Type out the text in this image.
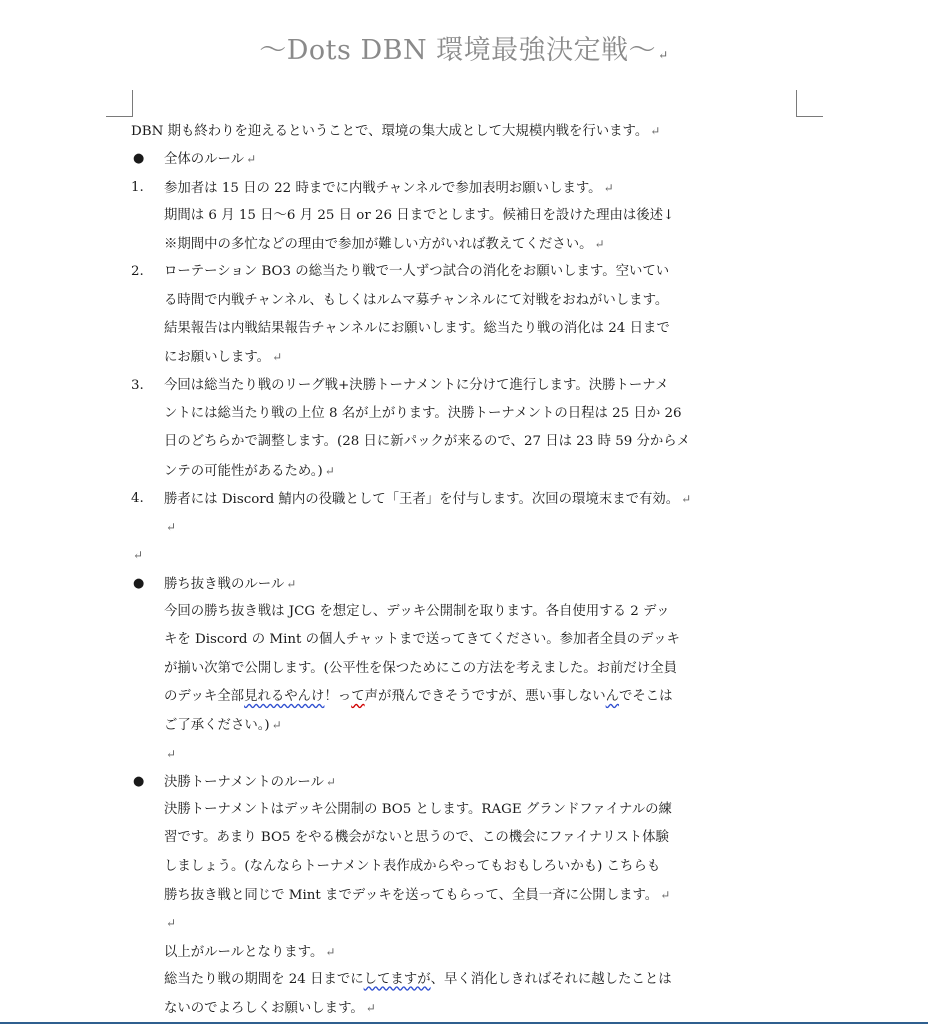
～Dots DBN 環境最強決定戦～ ↵
DBN 期も終わりを迎えるということで、環境の集大成として大規模内戦を行います。 ↵
●	全体のルール ↵
1.	参加者は 15 日の 22 時までに内戦チャンネルで参加表明お願いします。 ↵
期間は 6 月 15 日～6 月 25 日 or 26 日までとします。候補日を設けた理由は後述↓
※期間中の多忙などの理由で参加が難しい方がいれば教えてください。 ↵
2.	ローテーション BO3 の総当たり戦で一人ずつ試合の消化をお願いします。空いてい
る時間で内戦チャンネル、もしくはルムマ募チャンネルにて対戦をおねがいします。
結果報告は内戦結果報告チャンネルにお願いします。総当たり戦の消化は 24 日まで
にお願いします。 ↵
3.	今回は総当たり戦のリーグ戦+決勝トーナメントに分けて進行します。決勝トーナメ
ントには総当たり戦の上位 8 名が上がります。決勝トーナメントの日程は 25 日か 26
日のどちらかで調整します。(28 日に新パックが来るので、27 日は 23 時 59 分からメ
ンテの可能性があるため。) ↵
4.	勝者には Discord 鯖内の役職として「王者」を付与します。次回の環境末まで有効。 ↵
↵
↵
●	勝ち抜き戦のルール ↵
今回の勝ち抜き戦は JCG を想定し、デッキ公開制を取ります。各自使用する 2 デッ
キを Discord の Mint の個人チャットまで送ってきてください。参加者全員のデッキ
が揃い次第で公開します。(公平性を保つためにこの方法を考えました。お前だけ全員
のデッキ全部見れるやんけ！って声が飛んできそうですが、悪い事しないんでそこは
ご了承ください。) ↵
↵
●	決勝トーナメントのルール ↵
決勝トーナメントはデッキ公開制の BO5 とします。RAGE グランドファイナルの練
習です。あまり BO5 をやる機会がないと思うので、この機会にファイナリスト体験
しましょう。(なんならトーナメント表作成からやってもおもしろいかも) こちらも
勝ち抜き戦と同じで Mint までデッキを送ってもらって、全員一斉に公開します。 ↵
↵
以上がルールとなります。 ↵
総当たり戦の期間を 24 日までにしてますが、早く消化しきればそれに越したことは
ないのでよろしくお願いします。 ↵
